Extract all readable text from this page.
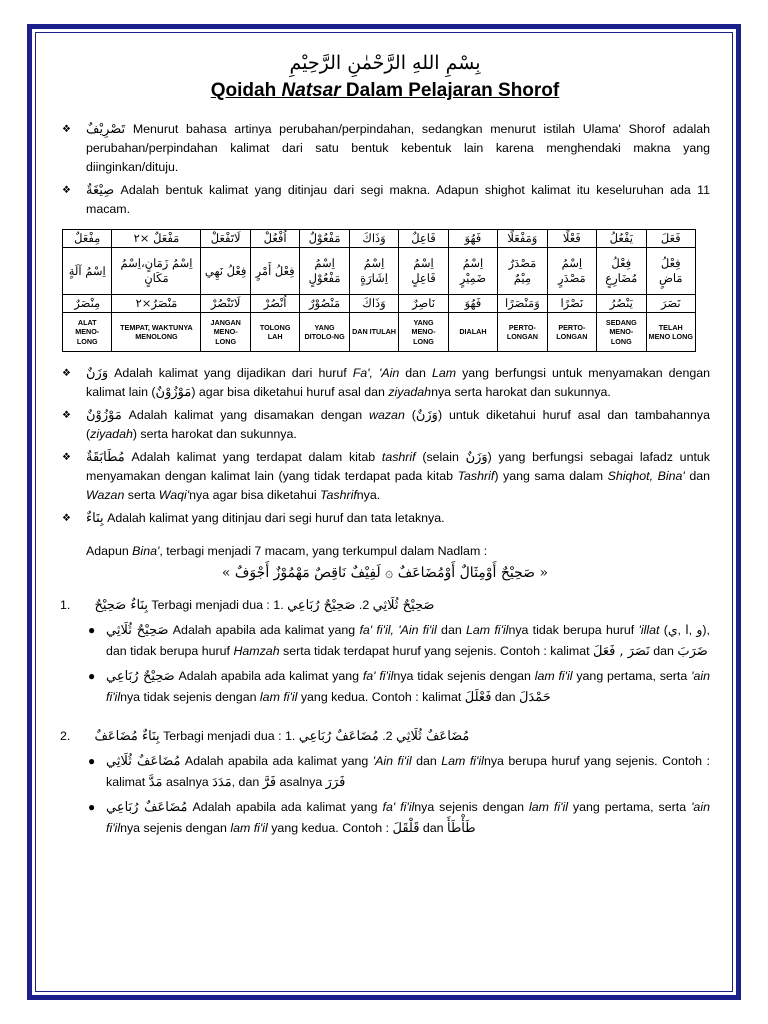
بِسْمِ اللهِ الرَّحْمٰنِ الرَّحِيْمِ
Qoidah Natsar Dalam Pelajaran Shorof
❖ تَصْرِيْفٌ Menurut bahasa artinya perubahan/perpindahan, sedangkan menurut istilah Ulama' Shorof adalah perubahan/perpindahan kalimat dari satu bentuk kebentuk lain karena menghendaki makna yang diinginkan/dituju.
❖ صِيْغَةٌ Adalah bentuk kalimat yang ditinjau dari segi makna. Adapun shighot kalimat itu keseluruhan ada 11 macam.
مِفْعَلٌ	مَفْعَلٌ ×٢	لَاتَفْعَلْ	اُفْعُلْ	مَفْعُوْلٌ	وَذَاكَ	فَاعِلٌ	فَهُوَ	وَمَفْعَلًا	فَعْلًا	يَفْعُلُ	فَعَلَ
اِسْمُ آلَةٍ	اِسْمُ زَمَانٍ،اِسْمُ مَكَانٍ	فِعْلُ نَهِي	فِعْلُ أَمْرٍ	اِسْمُ مَفْعُوْلٍ	اِسْمُ اِشَارَةٍ	اِسْمُ فَاعِلٍ	اِسْمُ ضَمِيْرٍ	مَصْدَرٌ مِيْمٌ	اِسْمُ مَصْدَرٍ	فِعْلُ مُضَارِعٍ	فِعْلُ مَاضٍ
مِنْصَرٌ	مَنْصَرٌ×٢	لَاتَنْصُرْ	اُنْصُرْ	مَنْصُوْرٌ	وَذَاكَ	نَاصِرٌ	فَهُوَ	وَمَنْصَرًا	نَصْرًا	يَنْصُرُ	نَصَرَ
ALAT MENO-LONG	TEMPAT, WAKTUNYA MENOLONG	JANGAN MENO-LONG	TOLONG LAH	YANG DITOLO-NG	DAN ITULAH	YANG MENO-LONG	DIALAH	PERTO-LONGAN	PERTO-LONGAN	SEDANG MENO-LONG	TELAH MENO LONG
❖ وَزَنٌ Adalah kalimat yang dijadikan dari huruf Fa', 'Ain dan Lam yang berfungsi untuk menyamakan dengan kalimat lain (مَوْزُوْنٌ) agar bisa diketahui huruf asal dan ziyadahnya serta harokat dan sukunnya.
❖ مَوْزُوْنٌ Adalah kalimat yang disamakan dengan wazan (وَزَنٌ) untuk diketahui huruf asal dan tambahannya (ziyadah) serta harokat dan sukunnya.
❖ مُطَابَقَةٌ Adalah kalimat yang terdapat dalam kitab tashrif (selain وَزَنٌ) yang berfungsi sebagai lafadz untuk menyamakan dengan kalimat lain (yang tidak terdapat pada kitab Tashrif) yang sama dalam Shiqhot, Bina' dan Wazan serta Waqi'nya agar bisa diketahui Tashrifnya.
❖ بِنَاءٌ Adalah kalimat yang ditinjau dari segi huruf dan tata letaknya.
Adapun Bina', terbagi menjadi 7 macam, yang terkumpul dalam Nadlam :
« صَحِيْحٌ أَوْمِثَالٌ أَوْمُضَاعَفٌ ۞ لَفِيْفٌ نَاقِصٌ مَهْمُوْزٌ أَجْوَفٌ »
1. بِنَاءٌ صَحِيْحٌ Terbagi menjadi dua : 1.	صَحِيْحٌ ثُلَاثِي 2. صَحِيْحٌ رُبَاعِي
● صَحِيْحٌ ثُلَاثِي Adalah apabila ada kalimat yang fa' fi'il, 'Ain fi'il dan Lam fi'ilnya tidak berupa huruf 'illat (و ,ا ,ي), dan tidak berupa huruf Hamzah serta tidak terdapat huruf yang sejenis. Contoh : kalimat نَصَرَ , فَعَلَ dan ضَرَبَ
● صَحِيْحٌ رُبَاعِي Adalah apabila ada kalimat yang fa' fi'ilnya tidak sejenis dengan lam fi'il yang pertama, serta 'ain fi'ilnya tidak sejenis dengan lam fi'il yang kedua. Contoh : kalimat فَعْلَلَ dan حَمْدَلَ
2. بِنَاءٌ مُضَاعَفٌ Terbagi menjadi dua : 1.	مُضَاعَفٌ ثُلَاثِي 2. مُضَاعَفٌ رُبَاعِي
● مُضَاعَفٌ ثُلَاثِي Adalah apabila ada kalimat yang 'Ain fi'il dan Lam fi'ilnya berupa huruf yang sejenis. Contoh : kalimat مَدَّ asalnya مَدَدَ, dan فَرَّ asalnya فَرَرَ
● مُضَاعَفٌ رُبَاعِي Adalah apabila ada kalimat yang fa' fi'ilnya sejenis dengan lam fi'il yang pertama, serta 'ain fi'ilnya sejenis dengan lam fi'il yang kedua. Contoh : قَلْقَلَ dan طَأْطَأَ
